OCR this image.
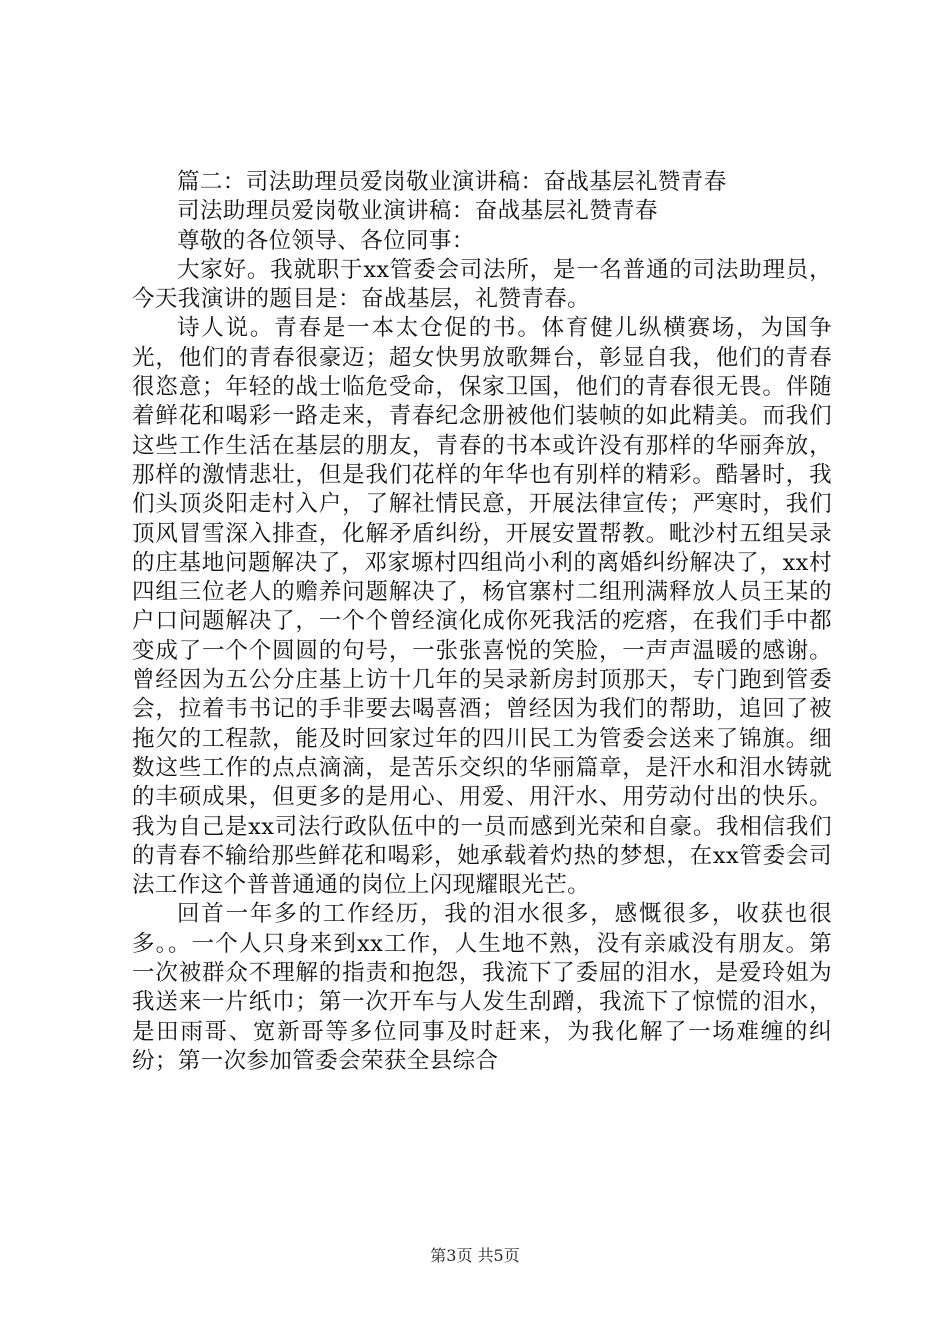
篇二：司法助理员爱岗敬业演讲稿：奋战基层礼赞青春

司法助理员爱岗敬业演讲稿：奋战基层礼赞青春

尊敬的各位领导、各位同事：

大家好。我就职于xx管委会司法所，是一名普通的司法助理员，今天我演讲的题目是：奋战基层，礼赞青春。

诗人说。青春是一本太仓促的书。体育健儿纵横赛场，为国争光，他们的青春很豪迈；超女快男放歌舞台，彰显自我，他们的青春很恣意；年轻的战士临危受命，保家卫国，他们的青春很无畏。伴随着鲜花和喝彩一路走来，青春纪念册被他们装帧的如此精美。而我们这些工作生活在基层的朋友，青春的书本或许没有那样的华丽奔放，那样的激情悲壮，但是我们花样的年华也有别样的精彩。酷暑时，我们头顶炎阳走村入户，了解社情民意，开展法律宣传；严寒时，我们顶风冒雪深入排查，化解矛盾纠纷，开展安置帮教。毗沙村五组吴录的庄基地问题解决了，邓家塬村四组尚小利的离婚纠纷解决了，xx村四组三位老人的赡养问题解决了，杨官寨村二组刑满释放人员王某的户口问题解决了，一个个曾经演化成你死我活的疙瘩，在我们手中都变成了一个个圆圆的句号，一张张喜悦的笑脸，一声声温暖的感谢。曾经因为五公分庄基上访十几年的吴录新房封顶那天，专门跑到管委会，拉着韦书记的手非要去喝喜酒；曾经因为我们的帮助，追回了被拖欠的工程款，能及时回家过年的四川民工为管委会送来了锦旗。细数这些工作的点点滴滴，是苦乐交织的华丽篇章，是汗水和泪水铸就的丰硕成果，但更多的是用心、用爱、用汗水、用劳动付出的快乐。我为自己是xx司法行政队伍中的一员而感到光荣和自豪。我相信我们的青春不输给那些鲜花和喝彩，她承载着灼热的梦想，在xx管委会司法工作这个普普通通的岗位上闪现耀眼光芒。

回首一年多的工作经历，我的泪水很多，感慨很多，收获也很多。。一个人只身来到xx工作，人生地不熟，没有亲戚没有朋友。第一次被群众不理解的指责和抱怨，我流下了委屈的泪水，是爱玲姐为我送来一片纸巾；第一次开车与人发生刮蹭，我流下了惊慌的泪水，是田雨哥、宽新哥等多位同事及时赶来，为我化解了一场难缠的纠纷；第一次参加管委会荣获全县综合

第3页 共5页
